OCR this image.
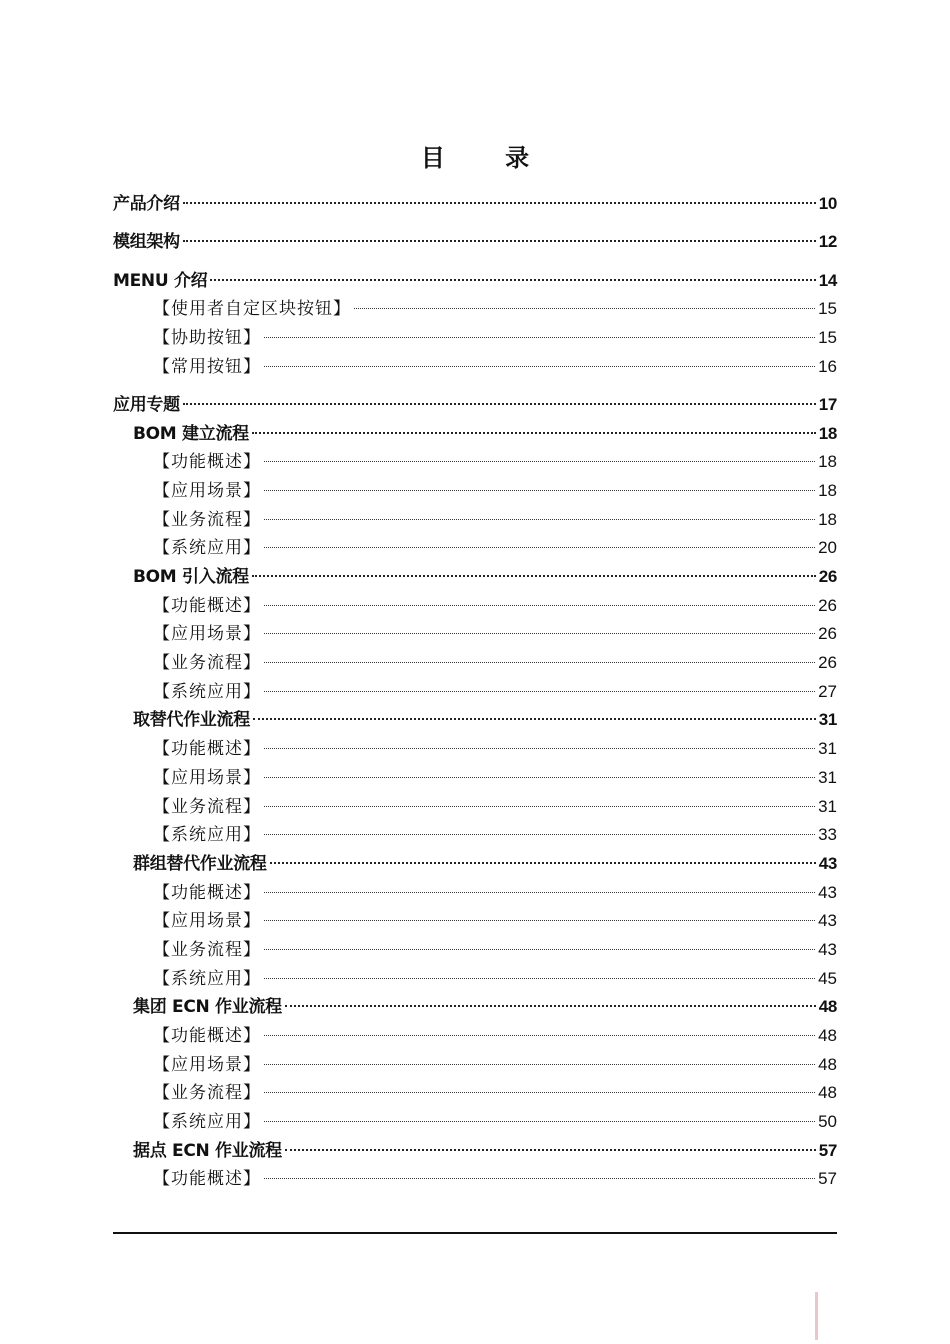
目 录
产品介绍	10
模组架构	12
MENU 介绍	14
【使用者自定区块按钮】	15
【协助按钮】	15
【常用按钮】	16
应用专题	17
BOM 建立流程	18
【功能概述】	18
【应用场景】	18
【业务流程】	18
【系统应用】	20
BOM 引入流程	26
【功能概述】	26
【应用场景】	26
【业务流程】	26
【系统应用】	27
取替代作业流程	31
【功能概述】	31
【应用场景】	31
【业务流程】	31
【系统应用】	33
群组替代作业流程	43
【功能概述】	43
【应用场景】	43
【业务流程】	43
【系统应用】	45
集团 ECN 作业流程	48
【功能概述】	48
【应用场景】	48
【业务流程】	48
【系统应用】	50
据点 ECN 作业流程	57
【功能概述】	57
